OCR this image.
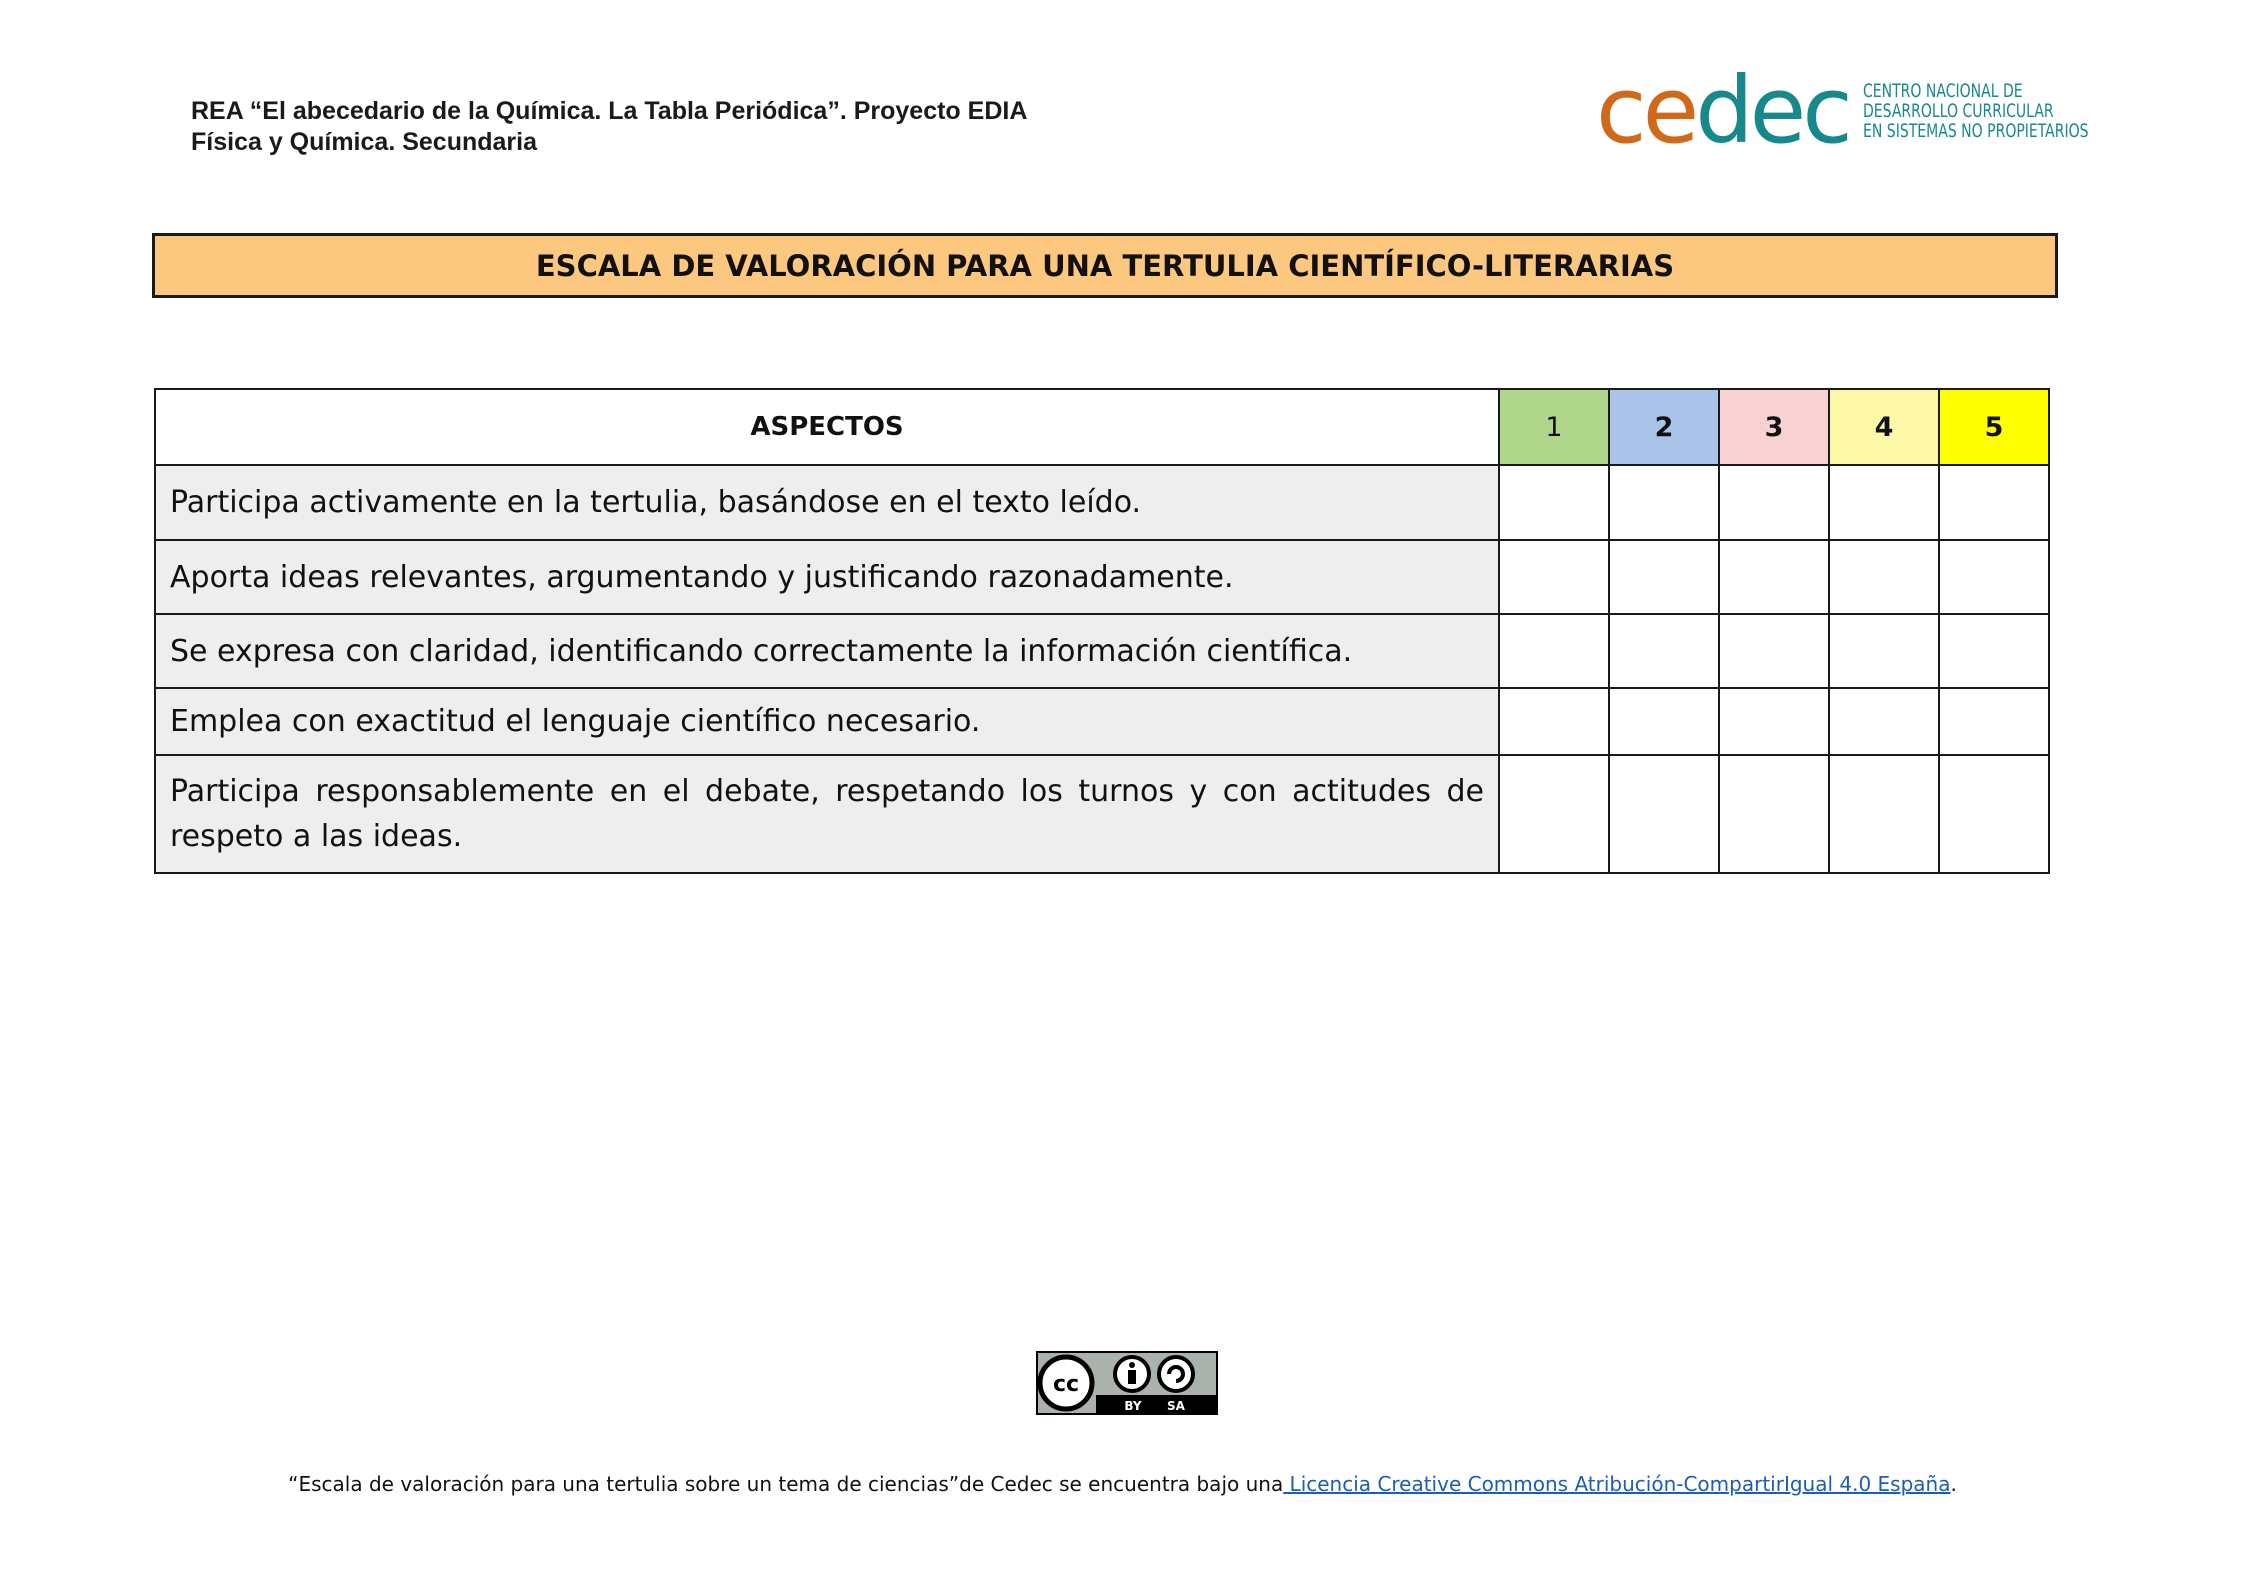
REA “El abecedario de la Química. La Tabla Periódica”. Proyecto EDIA
Física y Química. Secundaria	cedec CENTRO NACIONAL DE
DESARROLLO CURRICULAR
EN SISTEMAS NO PROPIETARIOS
ESCALA DE VALORACIÓN PARA UNA TERTULIA CIENTÍFICO-LITERARIAS
ASPECTOS	1	2	3	4	5
Participa activamente en la tertulia, basándose en el texto leído.					
Aporta ideas relevantes, argumentando y justificando razonadamente.					
Se expresa con claridad, identificando correctamente la información científica.					
Emplea con exactitud el lenguaje científico necesario.					
Participa responsablemente en el debate, respetando los turnos y con actitudes de respeto a las ideas.					
cc
BY SA
“Escala de valoración para una tertulia sobre un tema de ciencias”de Cedec se encuentra bajo una Licencia Creative Commons Atribución-CompartirIgual 4.0 España.
